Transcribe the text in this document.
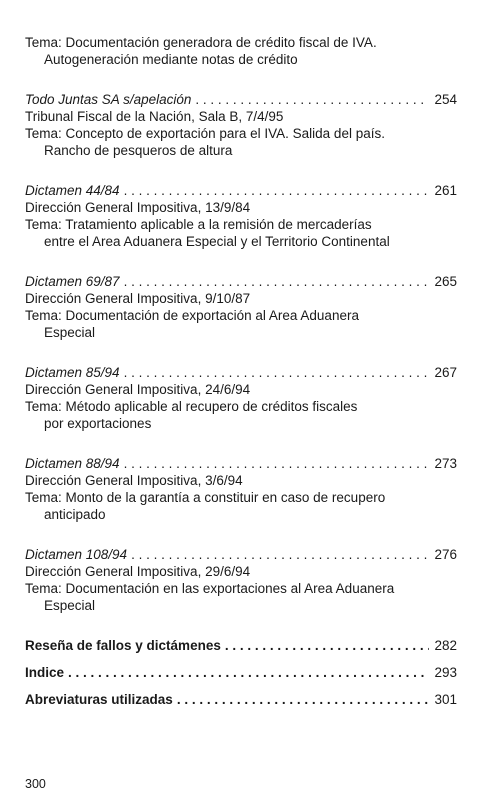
Tema: Documentación generadora de crédito fiscal de IVA.
Autogeneración mediante notas de crédito
Todo Juntas SA s/apelación . . .	254
Tribunal Fiscal de la Nación, Sala B, 7/4/95
Tema: Concepto de exportación para el IVA. Salida del país.
Rancho de pesqueros de altura
Dictamen 44/84 . . .	261
Dirección General Impositiva, 13/9/84
Tema: Tratamiento aplicable a la remisión de mercaderías
entre el Area Aduanera Especial y el Territorio Continental
Dictamen 69/87 . . .	265
Dirección General Impositiva, 9/10/87
Tema: Documentación de exportación al Area Aduanera
Especial
Dictamen 85/94 . . .	267
Dirección General Impositiva, 24/6/94
Tema: Método aplicable al recupero de créditos fiscales
por exportaciones
Dictamen 88/94 . . .	273
Dirección General Impositiva, 3/6/94
Tema: Monto de la garantía a constituir en caso de recupero
anticipado
Dictamen 108/94 . . .	276
Dirección General Impositiva, 29/6/94
Tema: Documentación en las exportaciones al Area Aduanera
Especial
Reseña de fallos y dictámenes . . .	282
Indice . . .	293
Abreviaturas utilizadas . . .	301
300
